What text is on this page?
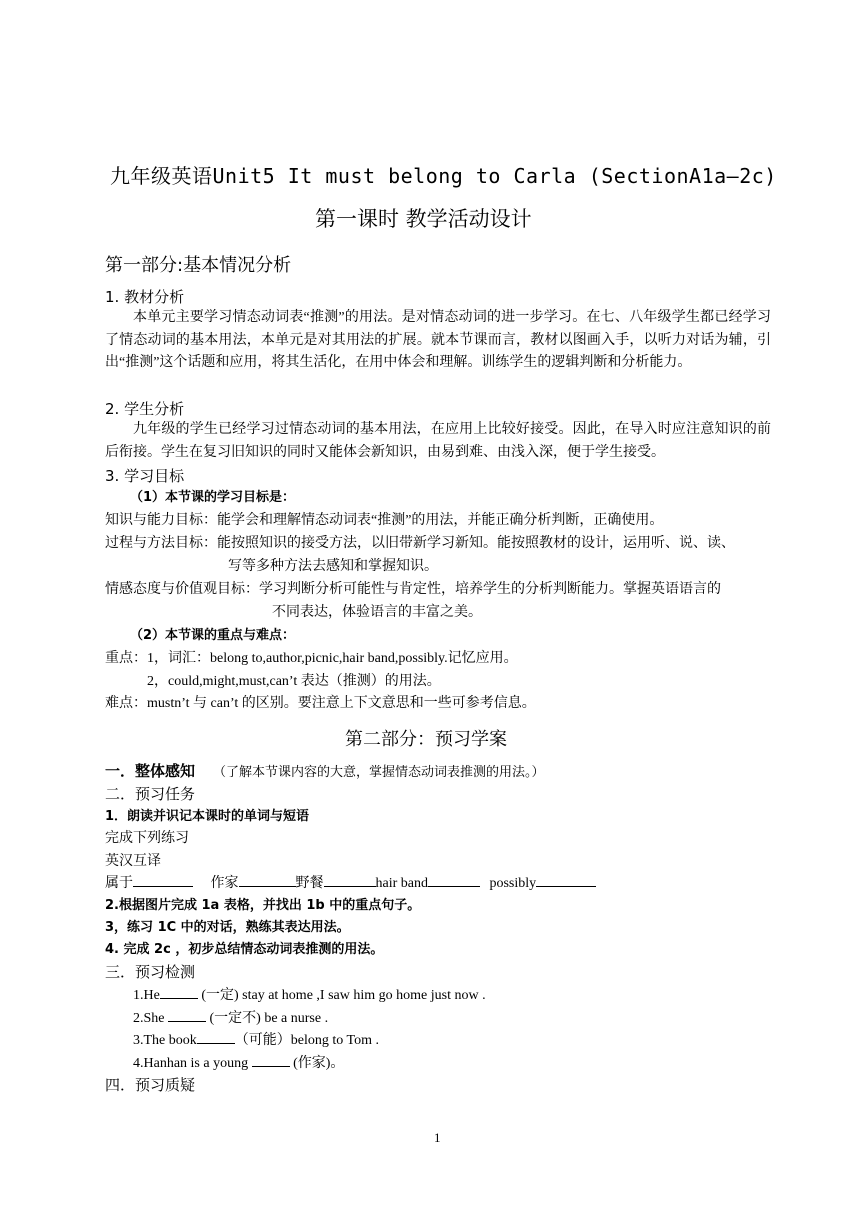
九年级英语Unit5 It must belong to Carla (SectionA1a—2c)
第一课时 教学活动设计
第一部分:基本情况分析
1. 教材分析
本单元主要学习情态动词表“推测”的用法。是对情态动词的进一步学习。在七、八年级学生都已经学习了情态动词的基本用法，本单元是对其用法的扩展。就本节课而言，教材以图画入手，以听力对话为辅，引出“推测”这个话题和应用，将其生活化，在用中体会和理解。训练学生的逻辑判断和分析能力。
2. 学生分析
九年级的学生已经学习过情态动词的基本用法，在应用上比较好接受。因此，在导入时应注意知识的前后衔接。学生在复习旧知识的同时又能体会新知识，由易到难、由浅入深，便于学生接受。
3. 学习目标
（1）本节课的学习目标是：
知识与能力目标：能学会和理解情态动词表“推测”的用法，并能正确分析判断，正确使用。
过程与方法目标：能按照知识的接受方法，以旧带新学习新知。能按照教材的设计，运用听、说、读、
写等多种方法去感知和掌握知识。
情感态度与价值观目标：学习判断分析可能性与肯定性，培养学生的分析判断能力。掌握英语语言的
不同表达，体验语言的丰富之美。
（2）本节课的重点与难点：
重点：1，词汇：belong to,author,picnic,hair band,possibly.记忆应用。
2，could,might,must,can’t 表达（推测）的用法。
难点：mustn’t 与 can’t 的区别。要注意上下文意思和一些可参考信息。
第二部分：预习学案
一．整体感知 （了解本节课内容的大意，掌握情态动词表推测的用法。）
二．预习任务
1．朗读并识记本课时的单词与短语
完成下列练习
英汉互译
属于	作家	野餐	hair band	possibly
2.根据图片完成 1a 表格，并找出 1b 中的重点句子。
3，练习 1C 中的对话，熟练其表达用法。
4. 完成 2c ，初步总结情态动词表推测的用法。
三．预习检测
1.He	(一定) stay at home ,I saw him go home just now .
2.She	(一定不) be a nurse .
3.The book	（可能）belong to Tom .
4.Hanhan is a young	(作家)。
四．预习质疑
1
